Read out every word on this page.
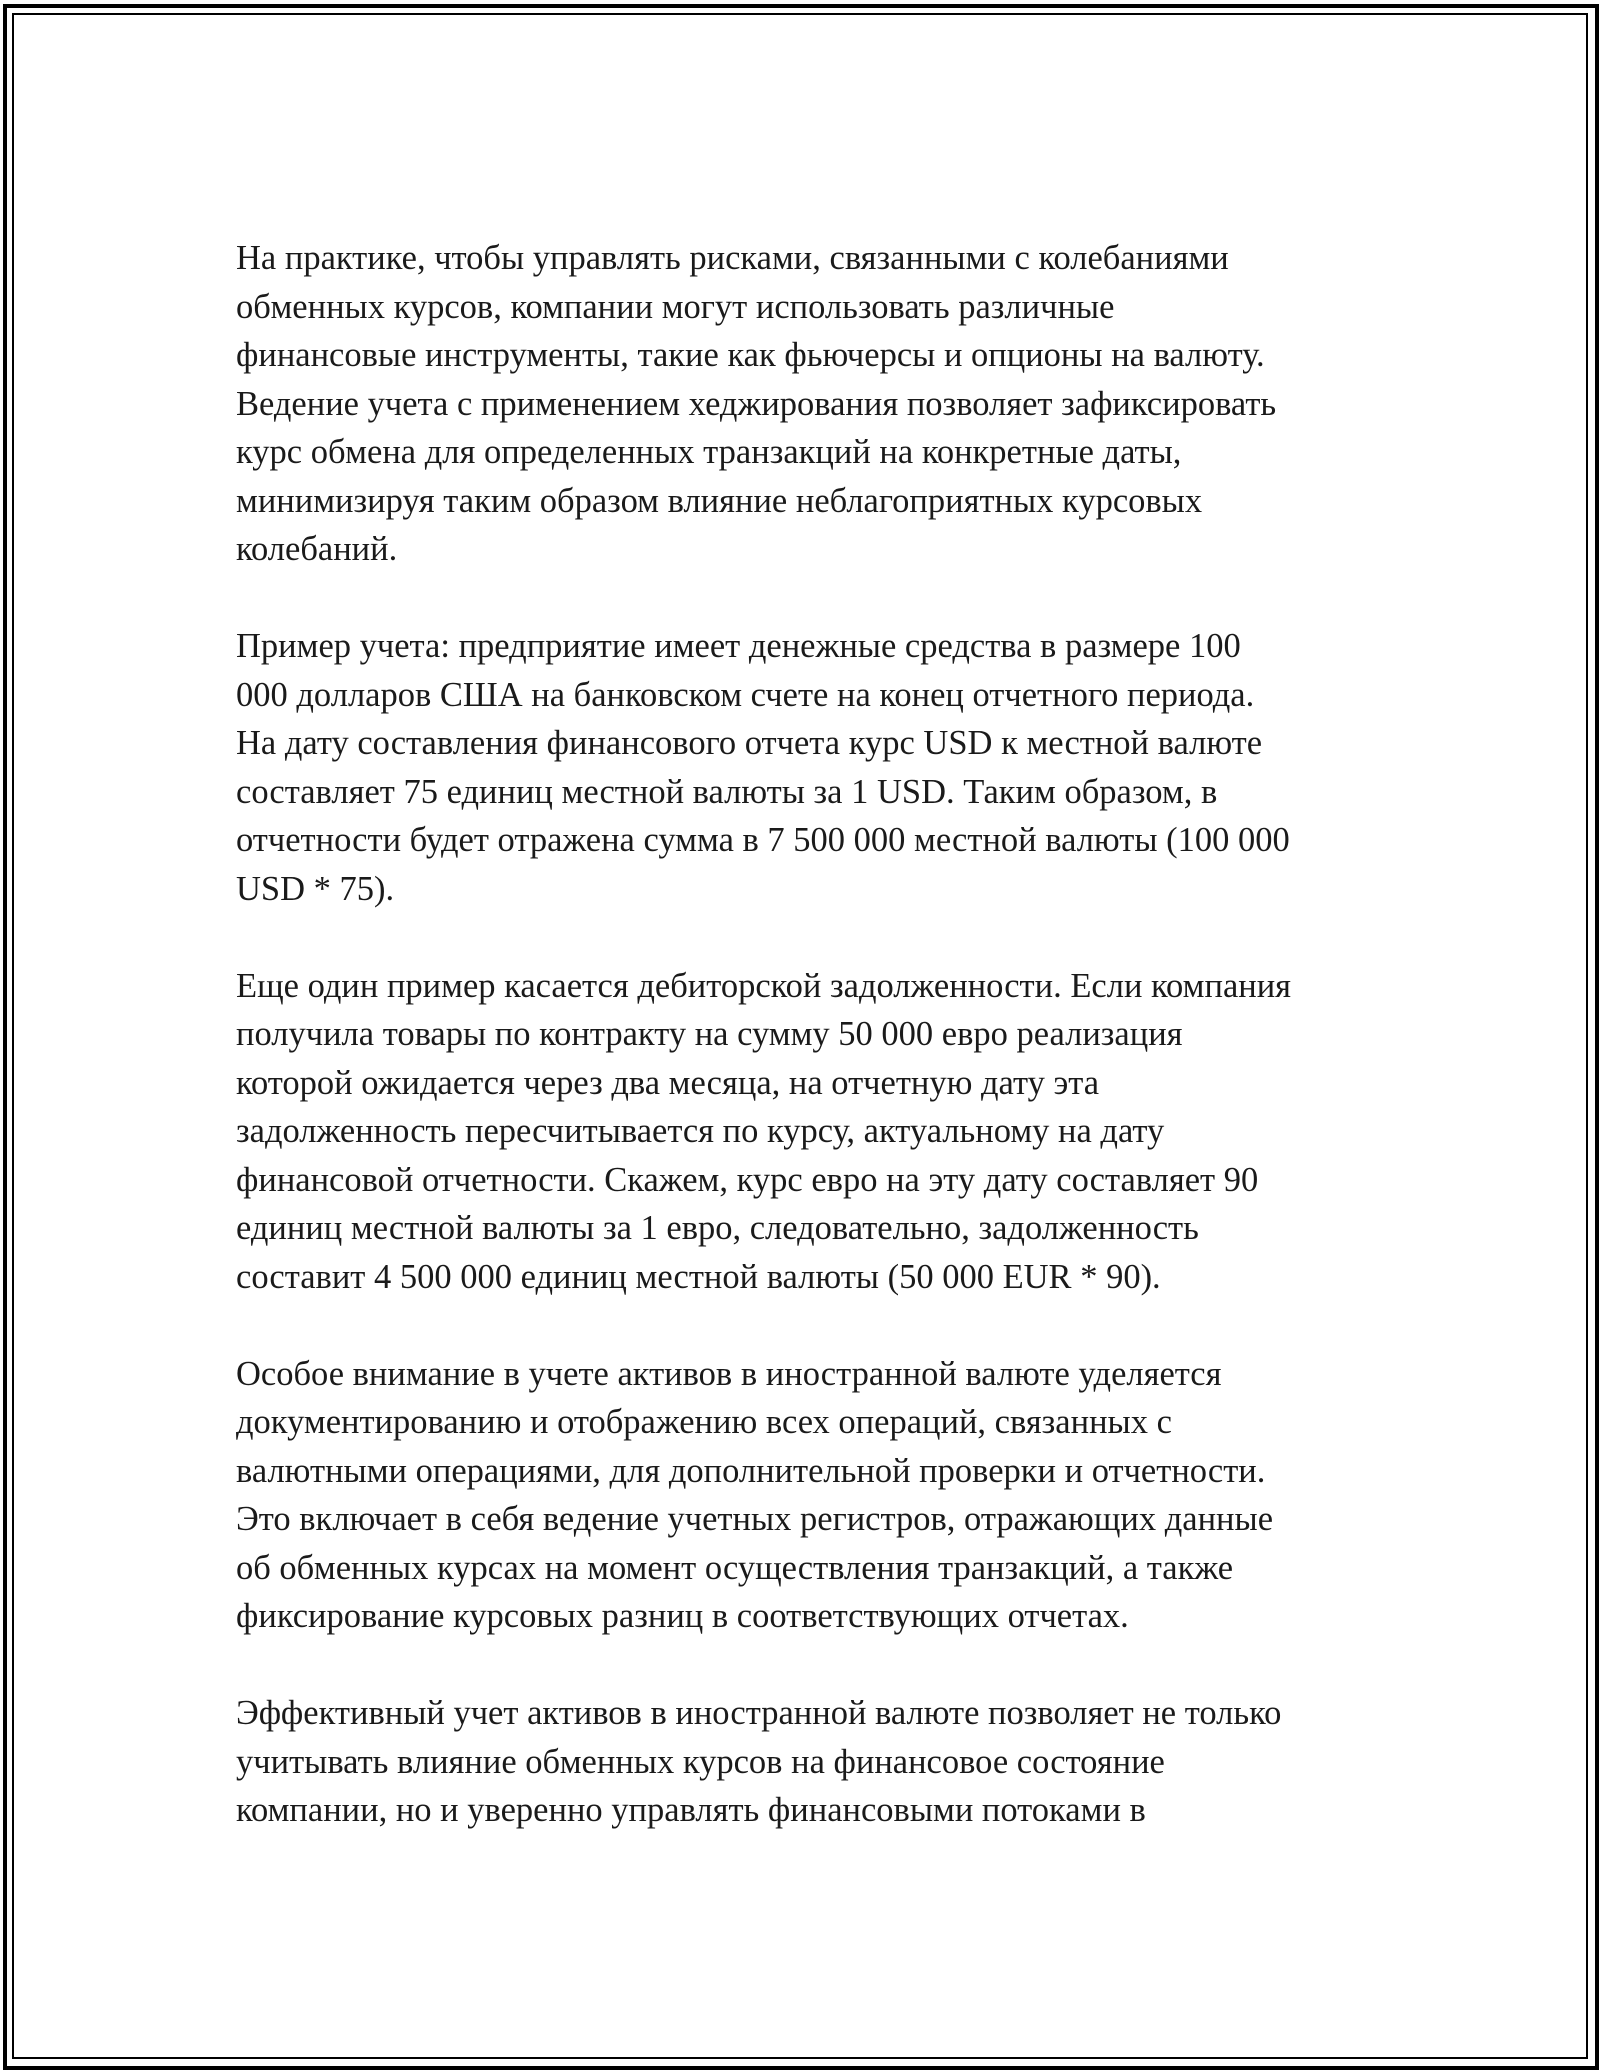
На практике, чтобы управлять рисками, связанными с колебаниями
обменных курсов, компании могут использовать различные
финансовые инструменты, такие как фьючерсы и опционы на валюту.
Ведение учета с применением хеджирования позволяет зафиксировать
курс обмена для определенных транзакций на конкретные даты,
минимизируя таким образом влияние неблагоприятных курсовых
колебаний.

Пример учета: предприятие имеет денежные средства в размере 100
000 долларов США на банковском счете на конец отчетного периода.
На дату составления финансового отчета курс USD к местной валюте
составляет 75 единиц местной валюты за 1 USD. Таким образом, в
отчетности будет отражена сумма в 7 500 000 местной валюты (100 000
USD * 75).

Еще один пример касается дебиторской задолженности. Если компания
получила товары по контракту на сумму 50 000 евро реализация
которой ожидается через два месяца, на отчетную дату эта
задолженность пересчитывается по курсу, актуальному на дату
финансовой отчетности. Скажем, курс евро на эту дату составляет 90
единиц местной валюты за 1 евро, следовательно, задолженность
составит 4 500 000 единиц местной валюты (50 000 EUR * 90).

Особое внимание в учете активов в иностранной валюте уделяется
документированию и отображению всех операций, связанных с
валютными операциями, для дополнительной проверки и отчетности.
Это включает в себя ведение учетных регистров, отражающих данные
об обменных курсах на момент осуществления транзакций, а также
фиксирование курсовых разниц в соответствующих отчетах.

Эффективный учет активов в иностранной валюте позволяет не только
учитывать влияние обменных курсов на финансовое состояние
компании, но и уверенно управлять финансовыми потоками в
